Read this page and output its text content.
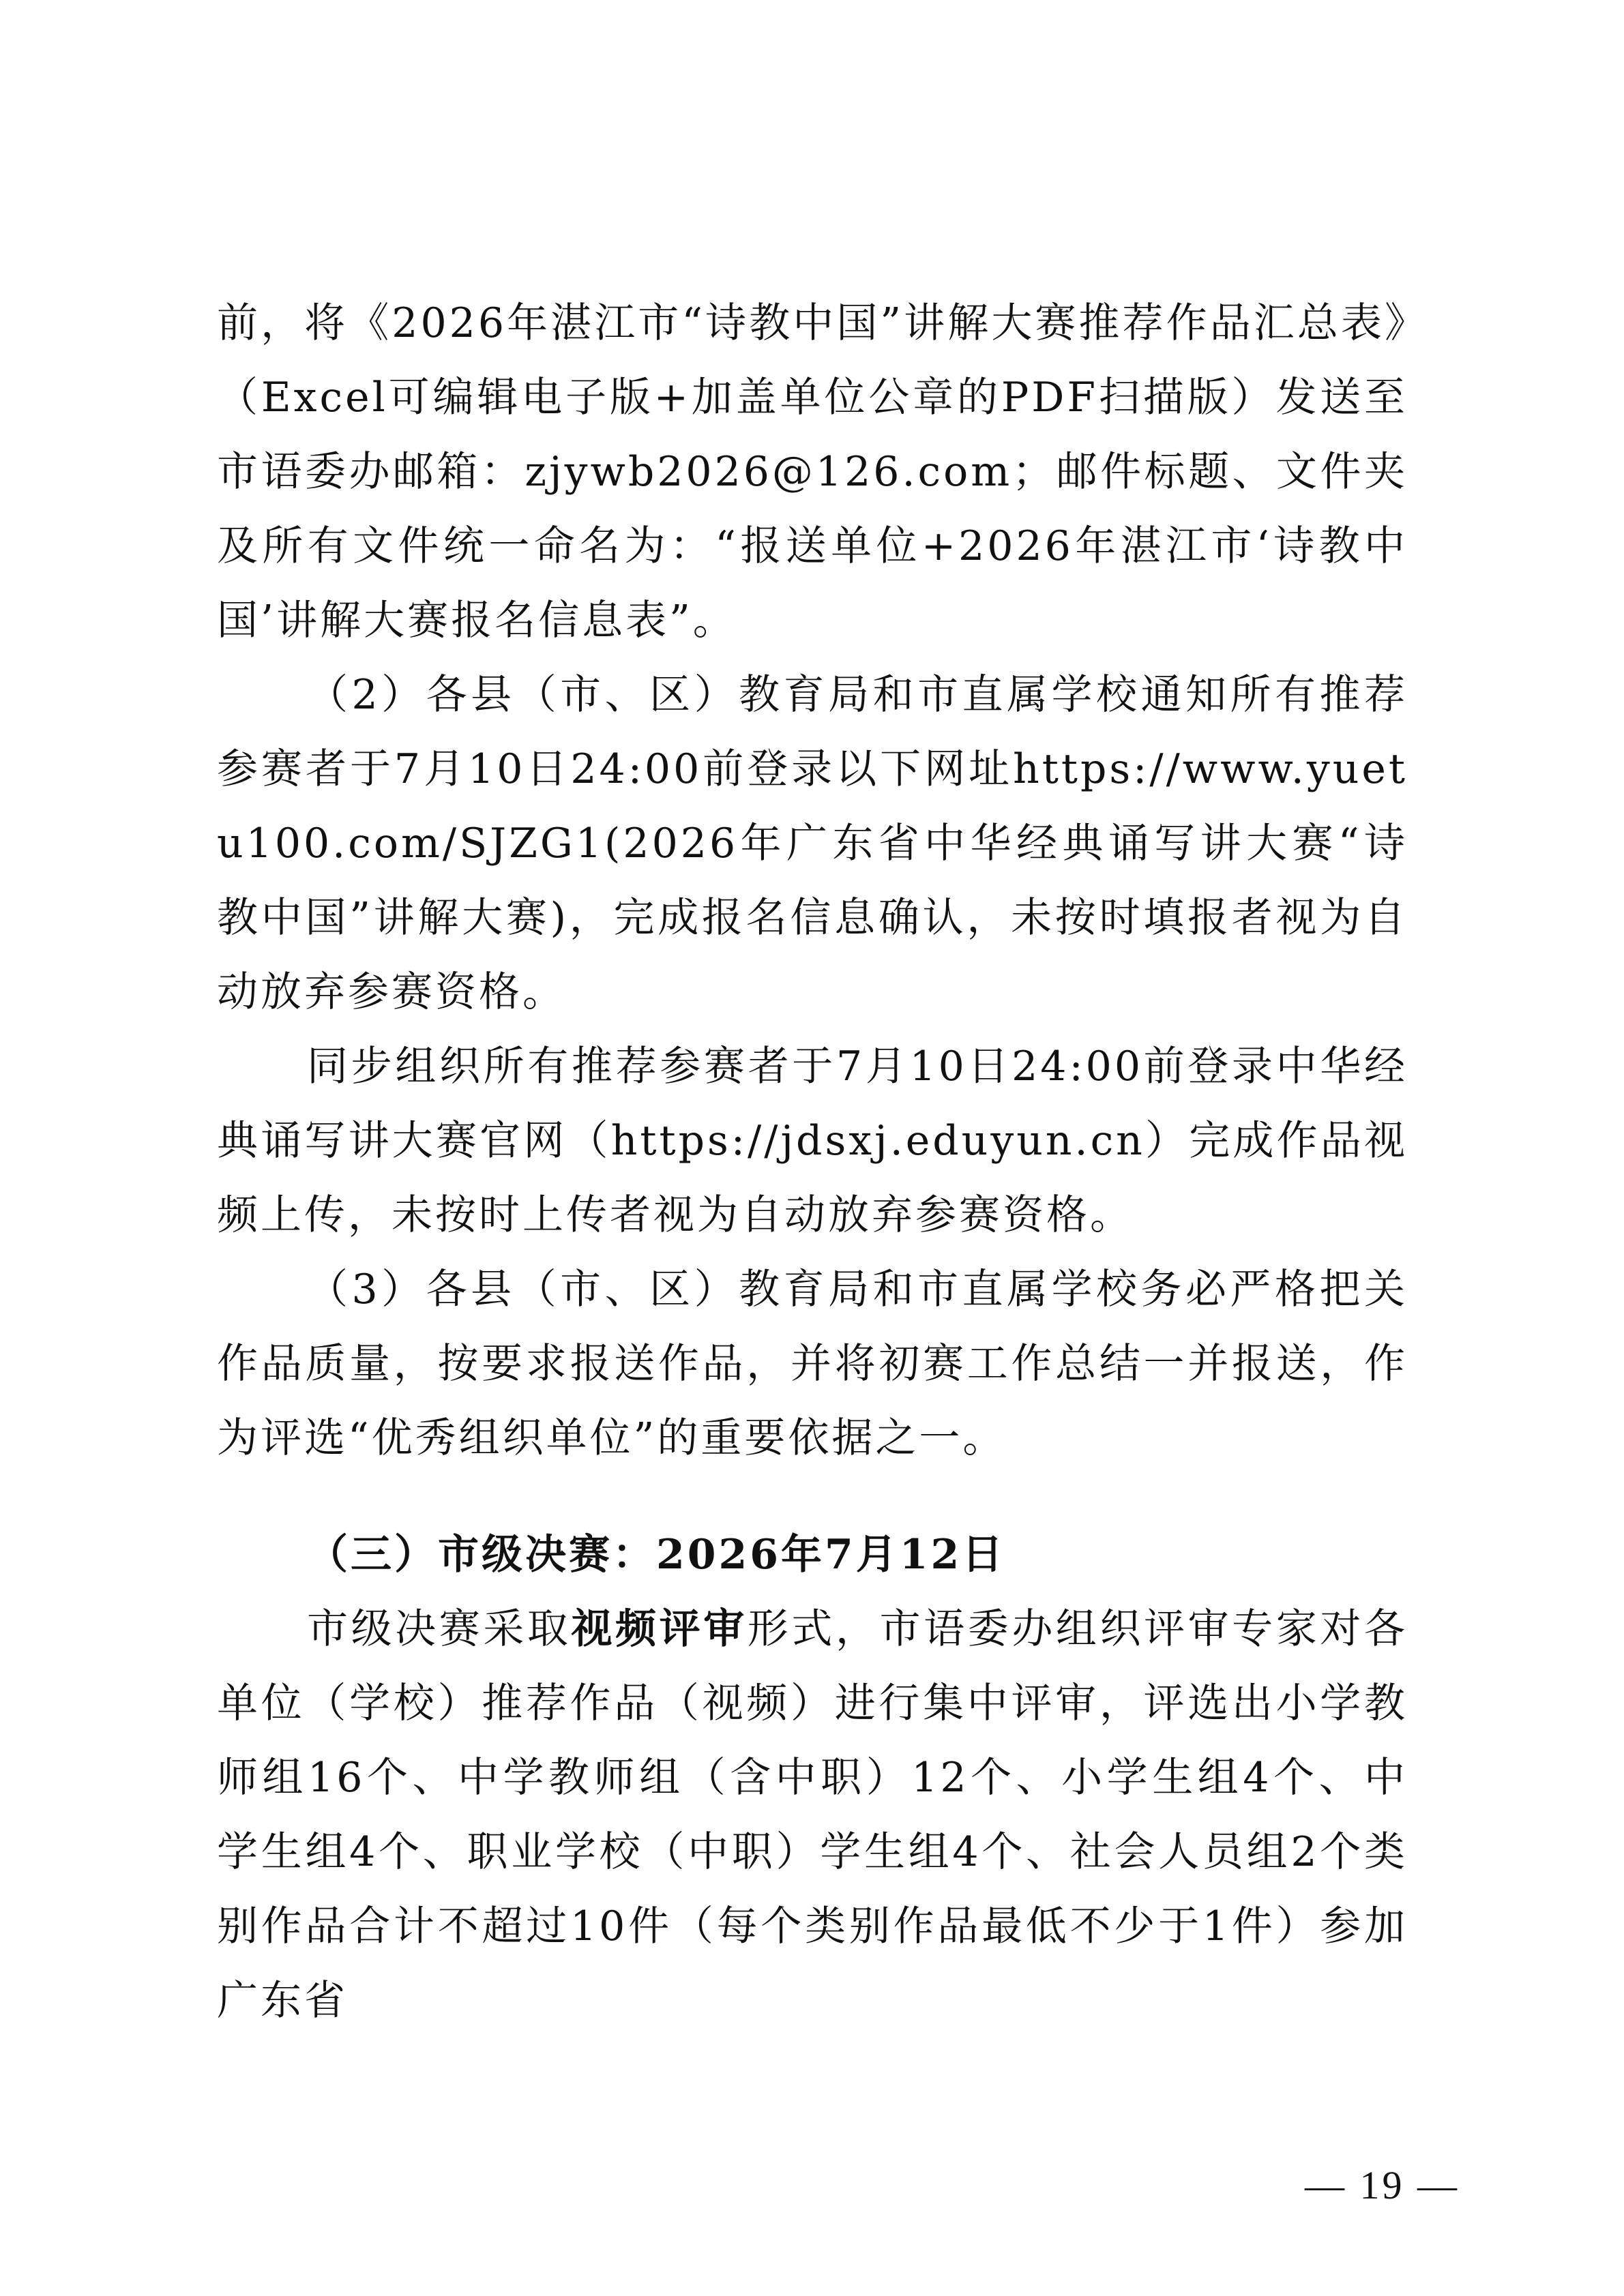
前，将《2026年湛江市“诗教中国”讲解大赛推荐作品汇总表》（Excel可编辑电子版+加盖单位公章的PDF扫描版）发送至市语委办邮箱：zjywb2026@126.com；邮件标题、文件夹及所有文件统一命名为：“报送单位+2026年湛江市‘诗教中国’讲解大赛报名信息表”。

（2）各县（市、区）教育局和市直属学校通知所有推荐参赛者于7月10日24:00前登录以下网址https://www.yuetu100.com/SJZG1(2026年广东省中华经典诵写讲大赛“诗教中国”讲解大赛)，完成报名信息确认，未按时填报者视为自动放弃参赛资格。

同步组织所有推荐参赛者于7月10日24:00前登录中华经典诵写讲大赛官网（https://jdsxj.eduyun.cn）完成作品视频上传，未按时上传者视为自动放弃参赛资格。

（3）各县（市、区）教育局和市直属学校务必严格把关作品质量，按要求报送作品，并将初赛工作总结一并报送，作为评选“优秀组织单位”的重要依据之一。

（三）市级决赛：2026年7月12日

市级决赛采取视频评审形式，市语委办组织评审专家对各单位（学校）推荐作品（视频）进行集中评审，评选出小学教师组16个、中学教师组（含中职）12个、小学生组4个、中学生组4个、职业学校（中职）学生组4个、社会人员组2个类别作品合计不超过10件（每个类别作品最低不少于1件）参加广东省

— 19 —
